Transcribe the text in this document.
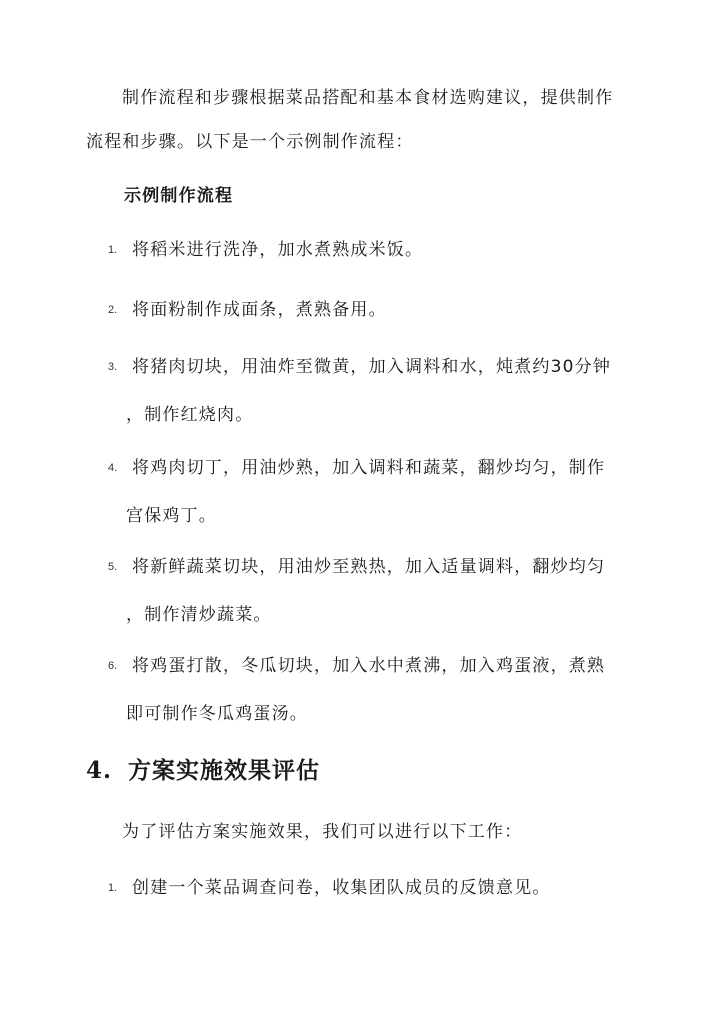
制作流程和步骤根据菜品搭配和基本食材选购建议，提供制作
流程和步骤。以下是一个示例制作流程：
示例制作流程
1. 将稻米进行洗净，加水煮熟成米饭。
2. 将面粉制作成面条，煮熟备用。
3. 将猪肉切块，用油炸至微黄，加入调料和水，炖煮约30分钟
，制作红烧肉。
4. 将鸡肉切丁，用油炒熟，加入调料和蔬菜，翻炒均匀，制作
宫保鸡丁。
5. 将新鲜蔬菜切块，用油炒至熟热，加入适量调料，翻炒均匀
，制作清炒蔬菜。
6. 将鸡蛋打散，冬瓜切块，加入水中煮沸，加入鸡蛋液，煮熟
即可制作冬瓜鸡蛋汤。
4. 方案实施效果评估
为了评估方案实施效果，我们可以进行以下工作：
1. 创建一个菜品调查问卷，收集团队成员的反馈意见。
